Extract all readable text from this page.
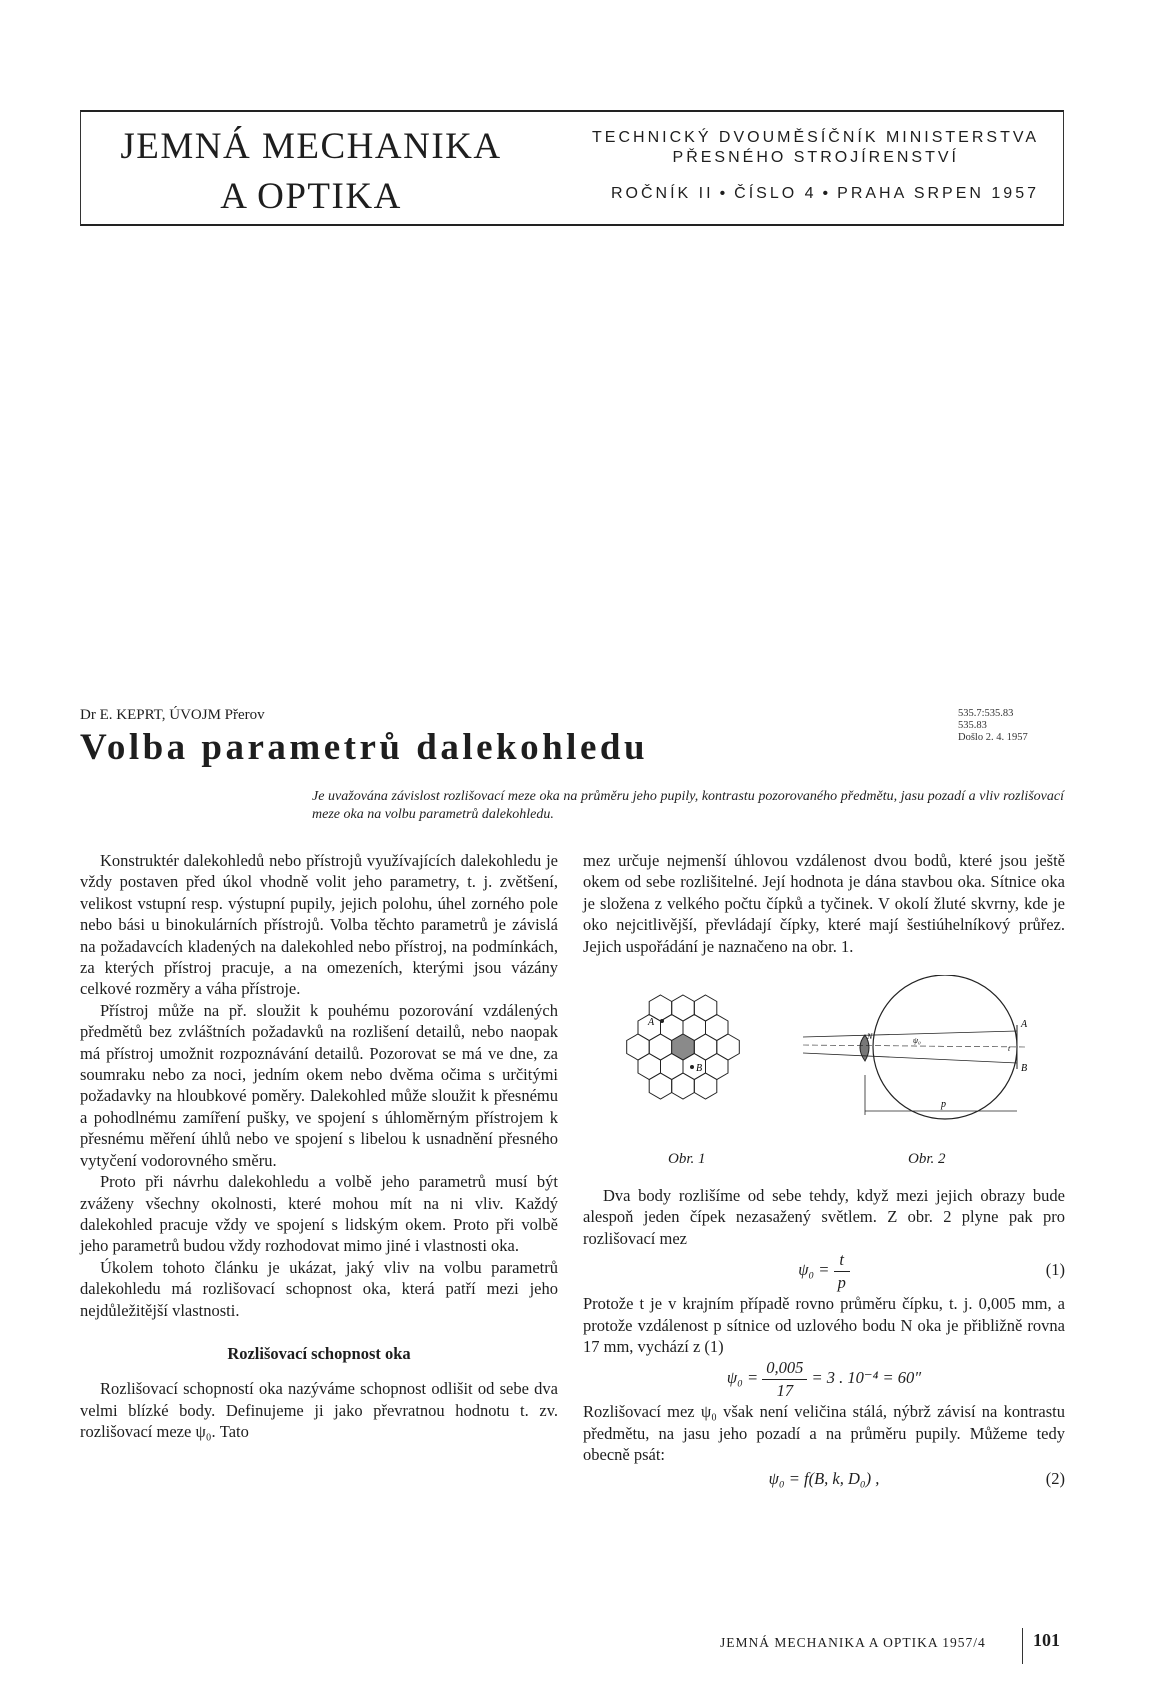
JEMNÁ MECHANIKA
A OPTIKA
TECHNICKÝ DVOUMĚSÍČNÍK MINISTERSTVA
PŘESNÉHO STROJÍRENSTVÍ
ROČNÍK II • ČÍSLO 4 • PRAHA SRPEN 1957
Dr E. KEPRT, ÚVOJM Přerov	535.7:535.83
535.83
Došlo 2. 4. 1957
Volba parametrů dalekohledu
Je uvažována závislost rozlišovací meze oka na průměru jeho pupily, kontrastu pozorovaného předmětu, jasu pozadí a vliv rozlišovací meze oka na volbu parametrů dalekohledu.

Konstruktér dalekohledů nebo přístrojů využívajících dalekohledu je vždy postaven před úkol vhodně volit jeho parametry, t. j. zvětšení, velikost vstupní resp. výstupní pupily, jejich polohu, úhel zorného pole nebo bási u binokulárních přístrojů. Volba těchto parametrů je závislá na požadavcích kladených na dalekohled nebo přístroj, na podmínkách, za kterých přístroj pracuje, a na omezeních, kterými jsou vázány celkové rozměry a váha přístroje.

Přístroj může na př. sloužit k pouhému pozorování vzdálených předmětů bez zvláštních požadavků na rozlišení detailů, nebo naopak má přístroj umožnit rozpoznávání detailů. Pozorovat se má ve dne, za soumraku nebo za noci, jedním okem nebo dvěma očima s určitými požadavky na hloubkové poměry. Dalekohled může sloužit k přesnému a pohodlnému zamíření pušky, ve spojení s úhloměrným přístrojem k přesnému měření úhlů nebo ve spojení s libelou k usnadnění přesného vytyčení vodorovného směru.

Proto při návrhu dalekohledu a volbě jeho parametrů musí být zváženy všechny okolnosti, které mohou mít na ni vliv. Každý dalekohled pracuje vždy ve spojení s lidským okem. Proto při volbě jeho parametrů budou vždy rozhodovat mimo jiné i vlastnosti oka.

Úkolem tohoto článku je ukázat, jaký vliv na volbu parametrů dalekohledu má rozlišovací schopnost oka, která patří mezi jeho nejdůležitější vlastnosti.

Rozlišovací schopnost oka

Rozlišovací schopností oka nazýváme schopnost odlišit od sebe dva velmi blízké body. Definujeme ji jako převratnou hodnotu t. zv. rozlišovací meze ψ₀. Tato

mez určuje nejmenší úhlovou vzdálenost dvou bodů, které jsou ještě okem od sebe rozlišitelné. Její hodnota je dána stavbou oka. Sítnice oka je složena z velkého počtu čípků a tyčinek. V okolí žluté skvrny, kde je oko nejcitlivější, převládají čípky, které mají šestiúhelníkový průřez. Jejich uspořádání je naznačeno na obr. 1.

A
B
A
B
N
p
ψ₀
t
Obr. 1	Obr. 2

Dva body rozlišíme od sebe tehdy, když mezi jejich obrazy bude alespoň jeden čípek nezasažený světlem. Z obr. 2 plyne pak pro rozlišovací mez

$\psi_0 = \frac{t}{p}$	(1)

Protože t je v krajním případě rovno průměru čípku, t. j. 0,005 mm, a protože vzdálenost p sítnice od uzlového bodu N oka je přibližně rovna 17 mm, vychází z (1)

$\psi_0 = \frac{0,005}{17} = 3$ . 10⁻⁴ = 60″

Rozlišovací mez ψ₀ však není veličina stálá, nýbrž závisí na kontrastu předmětu, na jasu jeho pozadí a na průměru pupily. Můžeme tedy obecně psát:

ψ₀ = f(B, k, D₀) ,	(2)
JEMNÁ MECHANIKA A OPTIKA 1957/4	101
